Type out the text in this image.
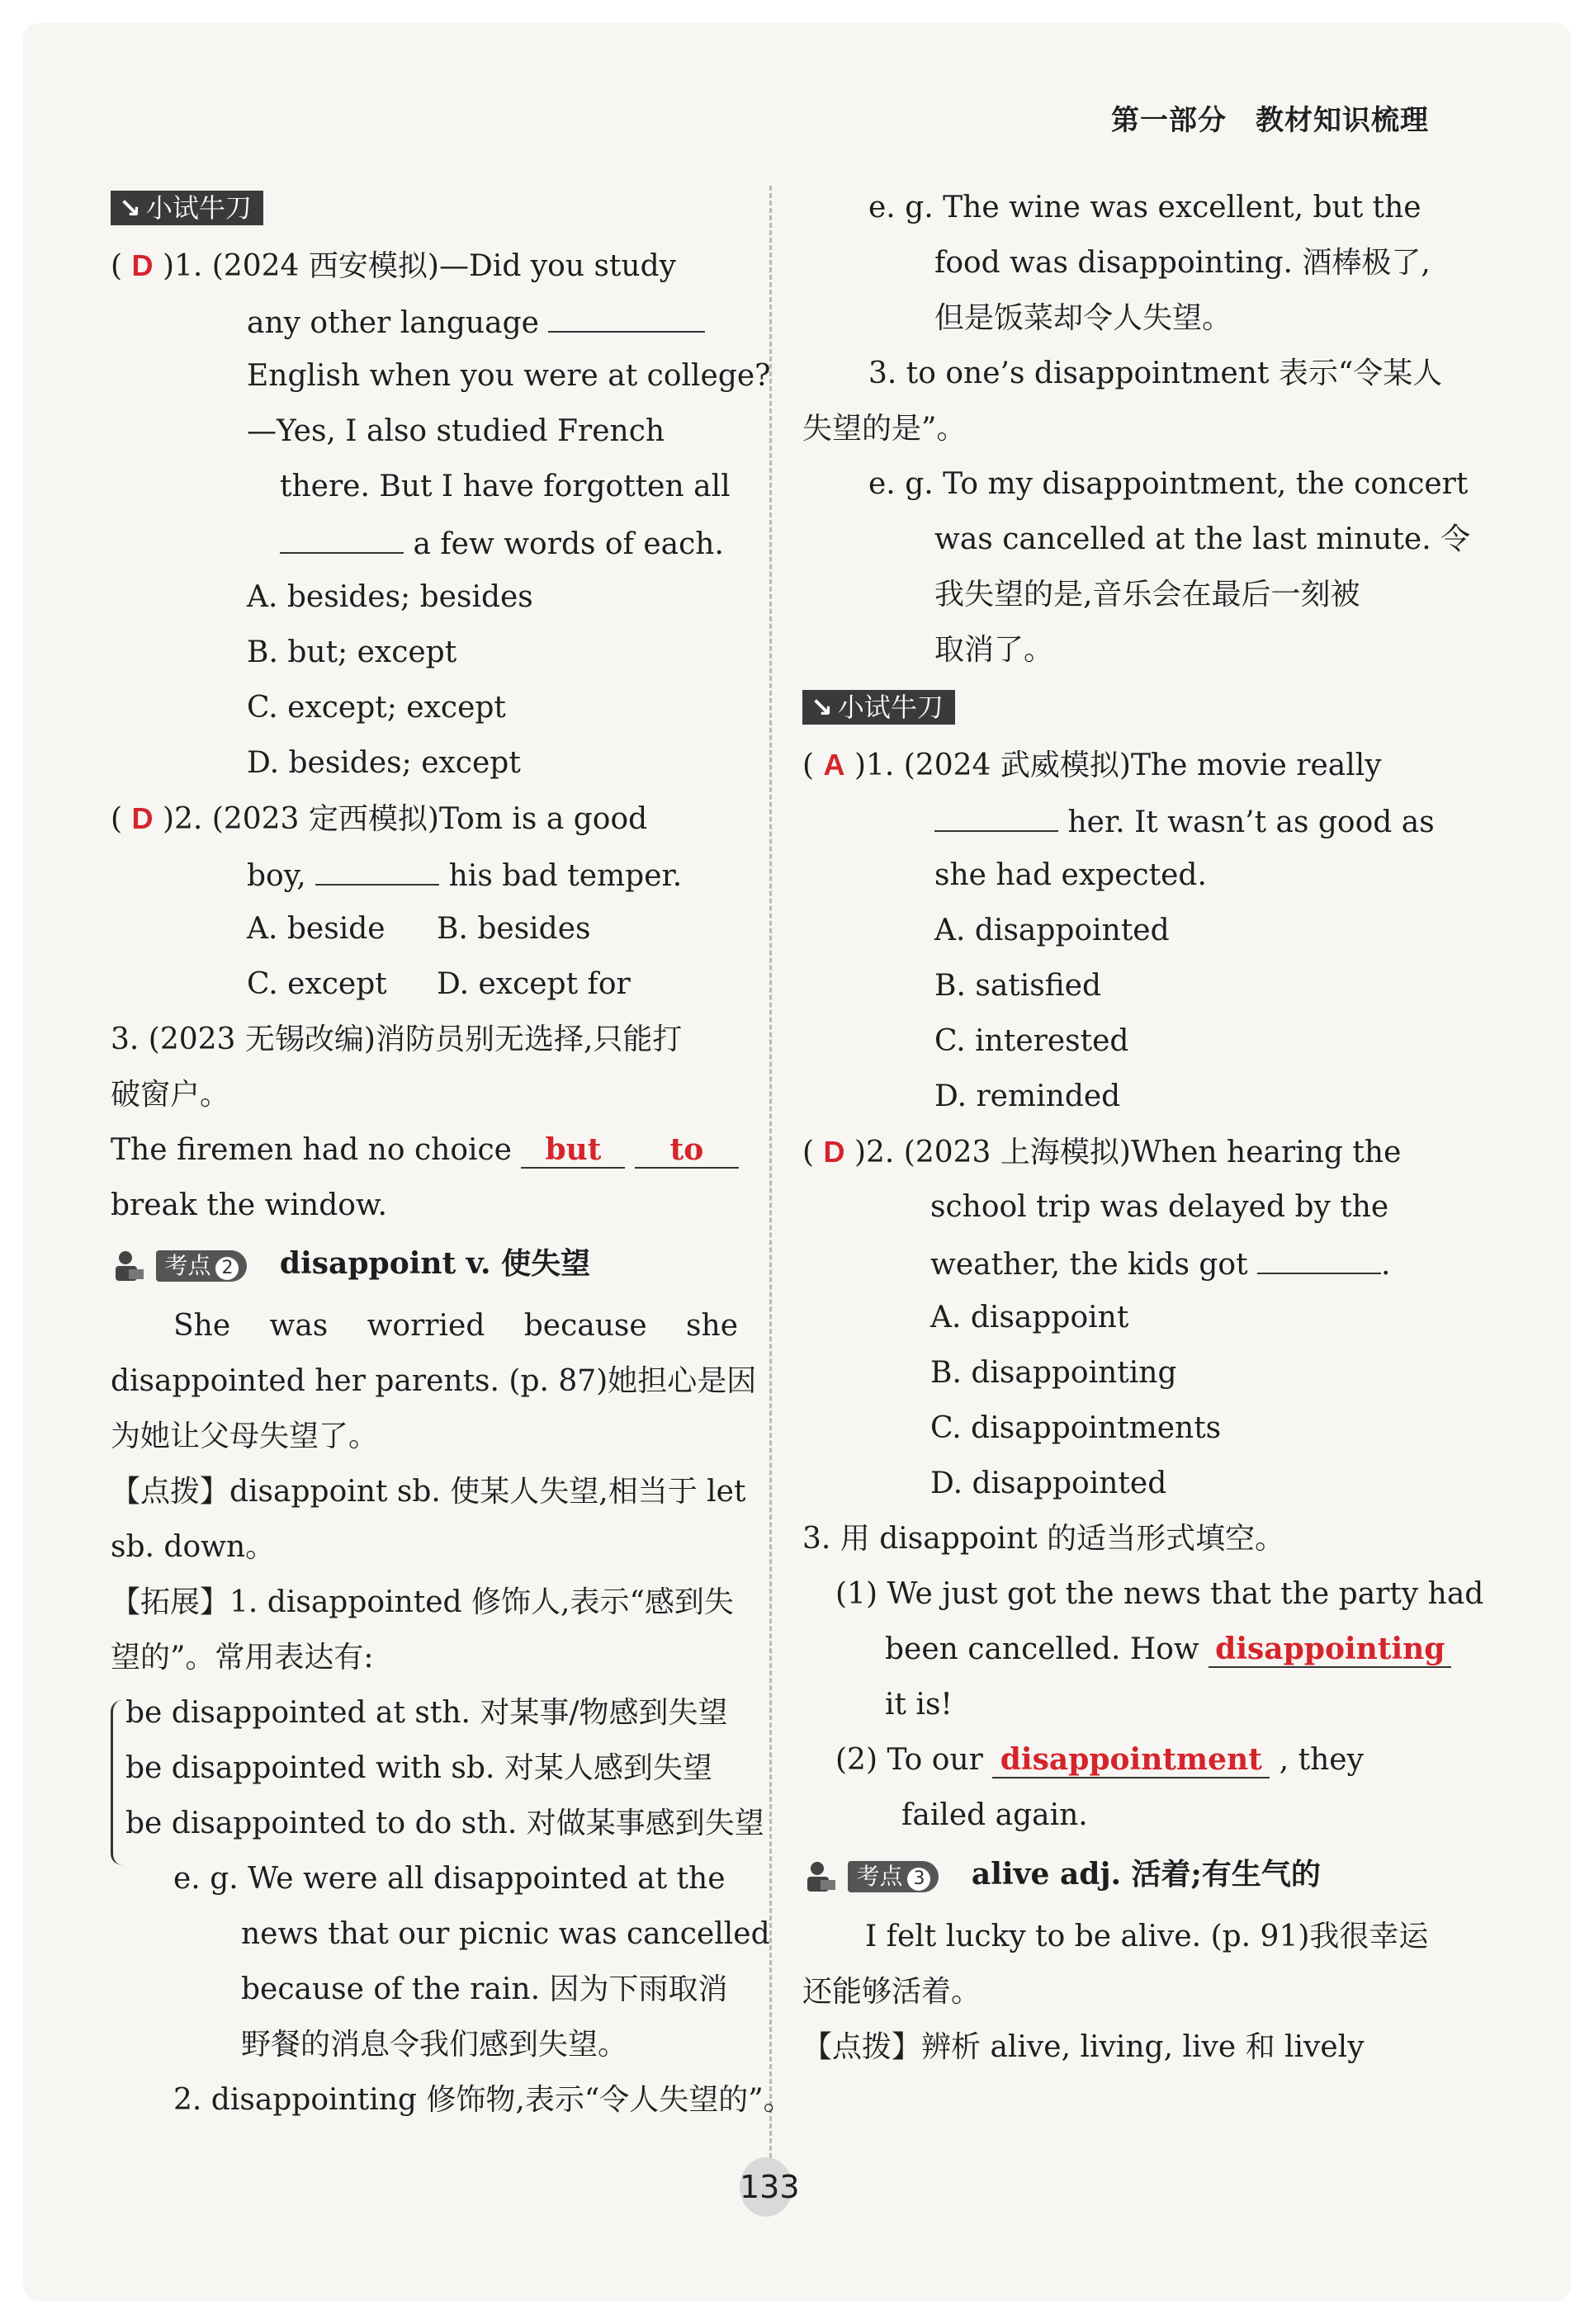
第一部分　教材知识梳理
↘ 小试牛刀
( D )1. (2024 西安模拟)—Did you study
any other language
English when you were at college?
—Yes, I also studied French
there. But I have forgotten all
a few words of each.
A. besides; besides
B. but; except
C. except; except
D. besides; except
( D )2. (2023 定西模拟)Tom is a good
boy,	his bad temper.
A. beside B. besides
C. except D. except for
3. (2023 无锡改编)消防员别无选择,只能打
破窗户。
The firemen had no choice but to
break the window.
考点 2 disappoint v. 使失望
She was worried because she
disappointed her parents. (p. 87)她担心是因
为她让父母失望了。
【点拨】disappoint sb. 使某人失望,相当于 let
sb. down。
【拓展】1. disappointed 修饰人,表示“感到失
望的”。常用表达有:
be disappointed at sth. 对某事/物感到失望
be disappointed with sb. 对某人感到失望
be disappointed to do sth. 对做某事感到失望
e. g. We were all disappointed at the
news that our picnic was cancelled
because of the rain. 因为下雨取消
野餐的消息令我们感到失望。
2. disappointing 修饰物,表示“令人失望的”。
e. g. The wine was excellent, but the
food was disappointing. 酒棒极了,
但是饭菜却令人失望。
3. to one’s disappointment 表示“令某人
失望的是”。
e. g. To my disappointment, the concert
was cancelled at the last minute. 令
我失望的是,音乐会在最后一刻被
取消了。
↘ 小试牛刀
( A )1. (2024 武威模拟)The movie really
her. It wasn’t as good as
she had expected.
A. disappointed
B. satisfied
C. interested
D. reminded
( D )2. (2023 上海模拟)When hearing the
school trip was delayed by the
weather, the kids got	.
A. disappoint
B. disappointing
C. disappointments
D. disappointed
3. 用 disappoint 的适当形式填空。
(1) We just got the news that the party had
been cancelled. How disappointing
it is!
(2) To our disappointment , they
failed again.
考点 3 alive adj. 活着;有生气的
I felt lucky to be alive. (p. 91)我很幸运
还能够活着。
【点拨】辨析 alive, living, live 和 lively
133
